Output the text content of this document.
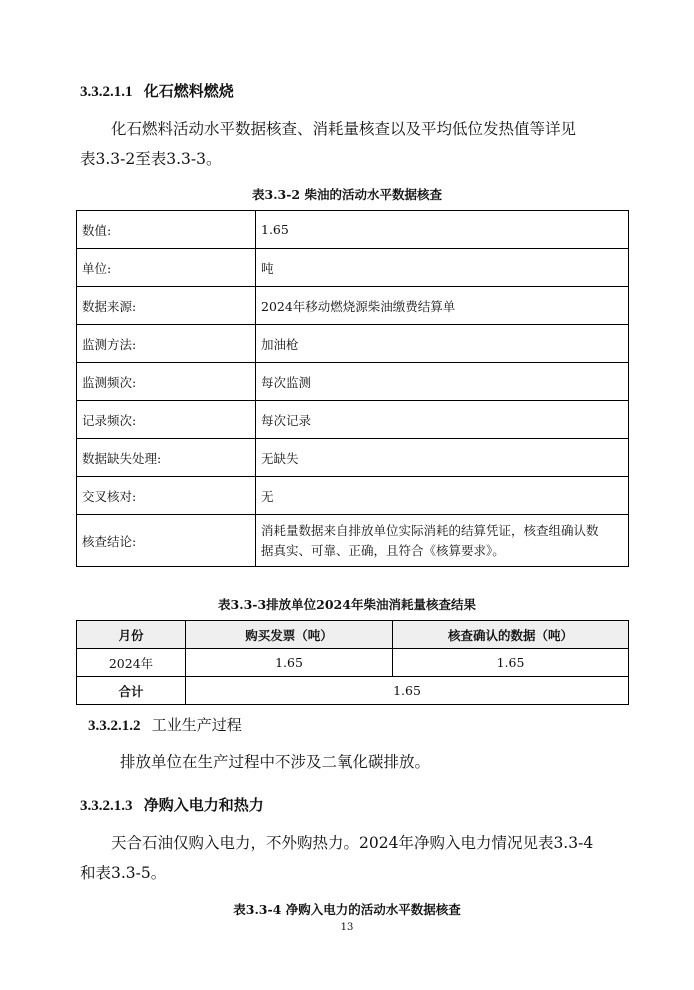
3.3.2.1.1 化石燃料燃烧
化石燃料活动水平数据核查、消耗量核查以及平均低位发热值等详见
表3.3-2至表3.3-3。
表3.3-2 柴油的活动水平数据核查
数值:	1.65
单位:	吨
数据来源:	2024年移动燃烧源柴油缴费结算单
监测方法:	加油枪
监测频次:	每次监测
记录频次:	每次记录
数据缺失处理:	无缺失
交叉核对:	无
核查结论:	消耗量数据来自排放单位实际消耗的结算凭证，核查组确认数
据真实、可靠、正确，且符合《核算要求》。
表3.3-3排放单位2024年柴油消耗量核查结果
月份	购买发票（吨）	核查确认的数据（吨）
2024年	1.65	1.65
合计	1.65	
3.3.2.1.2 工业生产过程
排放单位在生产过程中不涉及二氧化碳排放。
3.3.2.1.3 净购入电力和热力
天合石油仅购入电力，不外购热力。2024年净购入电力情况见表3.3-4
和表3.3-5。
表3.3-4 净购入电力的活动水平数据核查
13
